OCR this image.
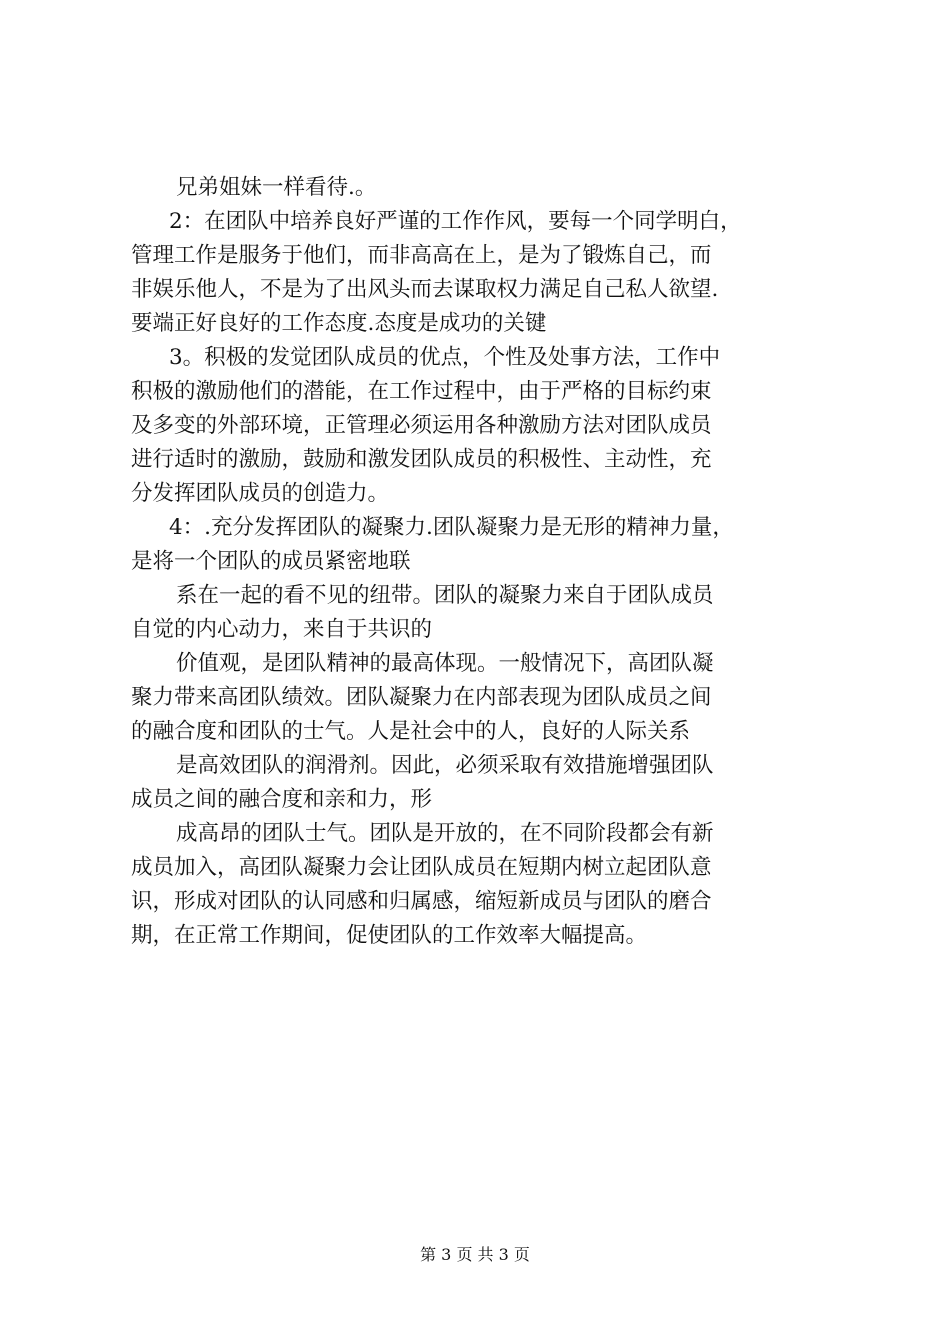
兄弟姐妹一样看待.。
2：在团队中培养良好严谨的工作作风，要每一个同学明白，
管理工作是服务于他们，而非高高在上，是为了锻炼自己，而
非娱乐他人，不是为了出风头而去谋取权力满足自己私人欲望.
要端正好良好的工作态度.态度是成功的关键
3。积极的发觉团队成员的优点，个性及处事方法，工作中
积极的激励他们的潜能，在工作过程中，由于严格的目标约束
及多变的外部环境，正管理必须运用各种激励方法对团队成员
进行适时的激励，鼓励和激发团队成员的积极性、主动性，充
分发挥团队成员的创造力。
4：.充分发挥团队的凝聚力.团队凝聚力是无形的精神力量，
是将一个团队的成员紧密地联
系在一起的看不见的纽带。团队的凝聚力来自于团队成员
自觉的内心动力，来自于共识的
价值观，是团队精神的最高体现。一般情况下，高团队凝
聚力带来高团队绩效。团队凝聚力在内部表现为团队成员之间
的融合度和团队的士气。人是社会中的人，良好的人际关系
是高效团队的润滑剂。因此，必须采取有效措施增强团队
成员之间的融合度和亲和力，形
成高昂的团队士气。团队是开放的，在不同阶段都会有新
成员加入，高团队凝聚力会让团队成员在短期内树立起团队意
识，形成对团队的认同感和归属感，缩短新成员与团队的磨合
期，在正常工作期间，促使团队的工作效率大幅提高。
第 3 页 共 3 页
